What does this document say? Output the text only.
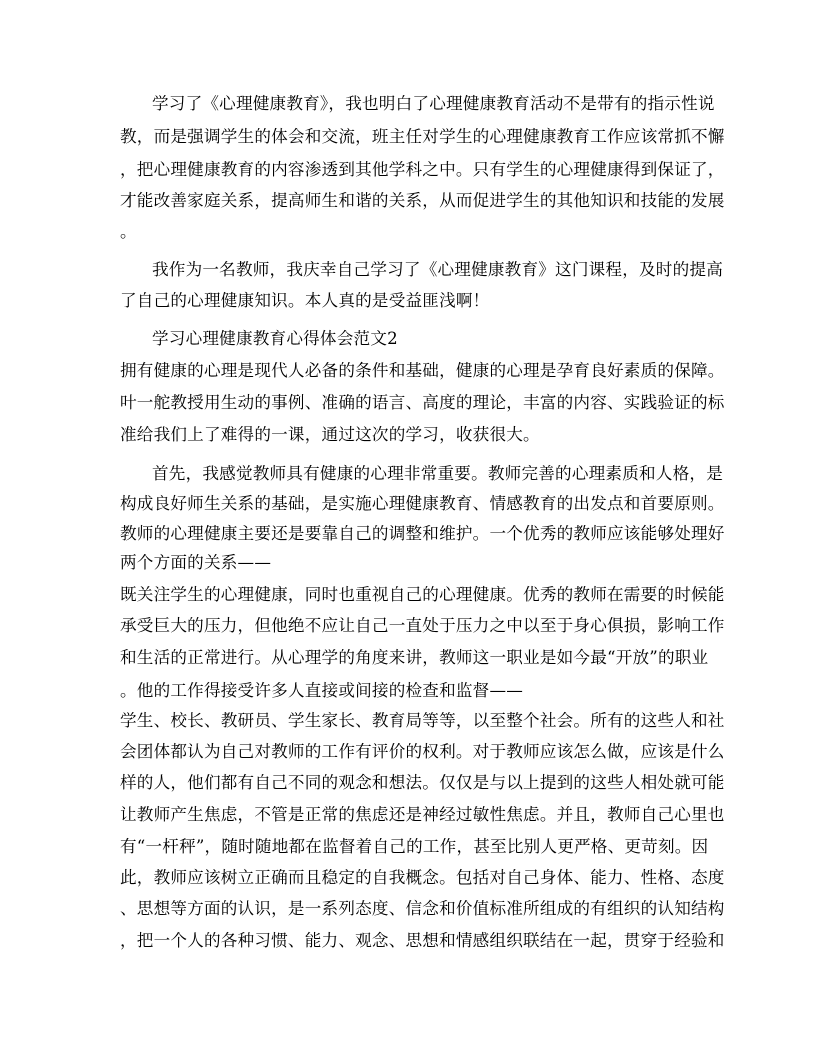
学习了《心理健康教育》，我也明白了心理健康教育活动不是带有的指示性说
教，而是强调学生的体会和交流，班主任对学生的心理健康教育工作应该常抓不懈
，把心理健康教育的内容渗透到其他学科之中。只有学生的心理健康得到保证了，
才能改善家庭关系，提高师生和谐的关系，从而促进学生的其他知识和技能的发展
。
我作为一名教师，我庆幸自己学习了《心理健康教育》这门课程，及时的提高
了自己的心理健康知识。本人真的是受益匪浅啊！
学习心理健康教育心得体会范文2
拥有健康的心理是现代人必备的条件和基础，健康的心理是孕育良好素质的保障。
叶一舵教授用生动的事例、准确的语言、高度的理论，丰富的内容、实践验证的标
准给我们上了难得的一课，通过这次的学习，收获很大。
首先，我感觉教师具有健康的心理非常重要。教师完善的心理素质和人格，是
构成良好师生关系的基础，是实施心理健康教育、情感教育的出发点和首要原则。
教师的心理健康主要还是要靠自己的调整和维护。一个优秀的教师应该能够处理好
两个方面的关系——
既关注学生的心理健康，同时也重视自己的心理健康。优秀的教师在需要的时候能
承受巨大的压力，但他绝不应让自己一直处于压力之中以至于身心俱损，影响工作
和生活的正常进行。从心理学的角度来讲，教师这一职业是如今最“开放”的职业
。他的工作得接受许多人直接或间接的检查和监督——
学生、校长、教研员、学生家长、教育局等等，以至整个社会。所有的这些人和社
会团体都认为自己对教师的工作有评价的权利。对于教师应该怎么做，应该是什么
样的人，他们都有自己不同的观念和想法。仅仅是与以上提到的这些人相处就可能
让教师产生焦虑，不管是正常的焦虑还是神经过敏性焦虑。并且，教师自己心里也
有“一杆秤”，随时随地都在监督着自己的工作，甚至比别人更严格、更苛刻。因
此，教师应该树立正确而且稳定的自我概念。包括对自己身体、能力、性格、态度
、思想等方面的认识，是一系列态度、信念和价值标准所组成的有组织的认知结构
，把一个人的各种习惯、能力、观念、思想和情感组织联结在一起，贯穿于经验和
